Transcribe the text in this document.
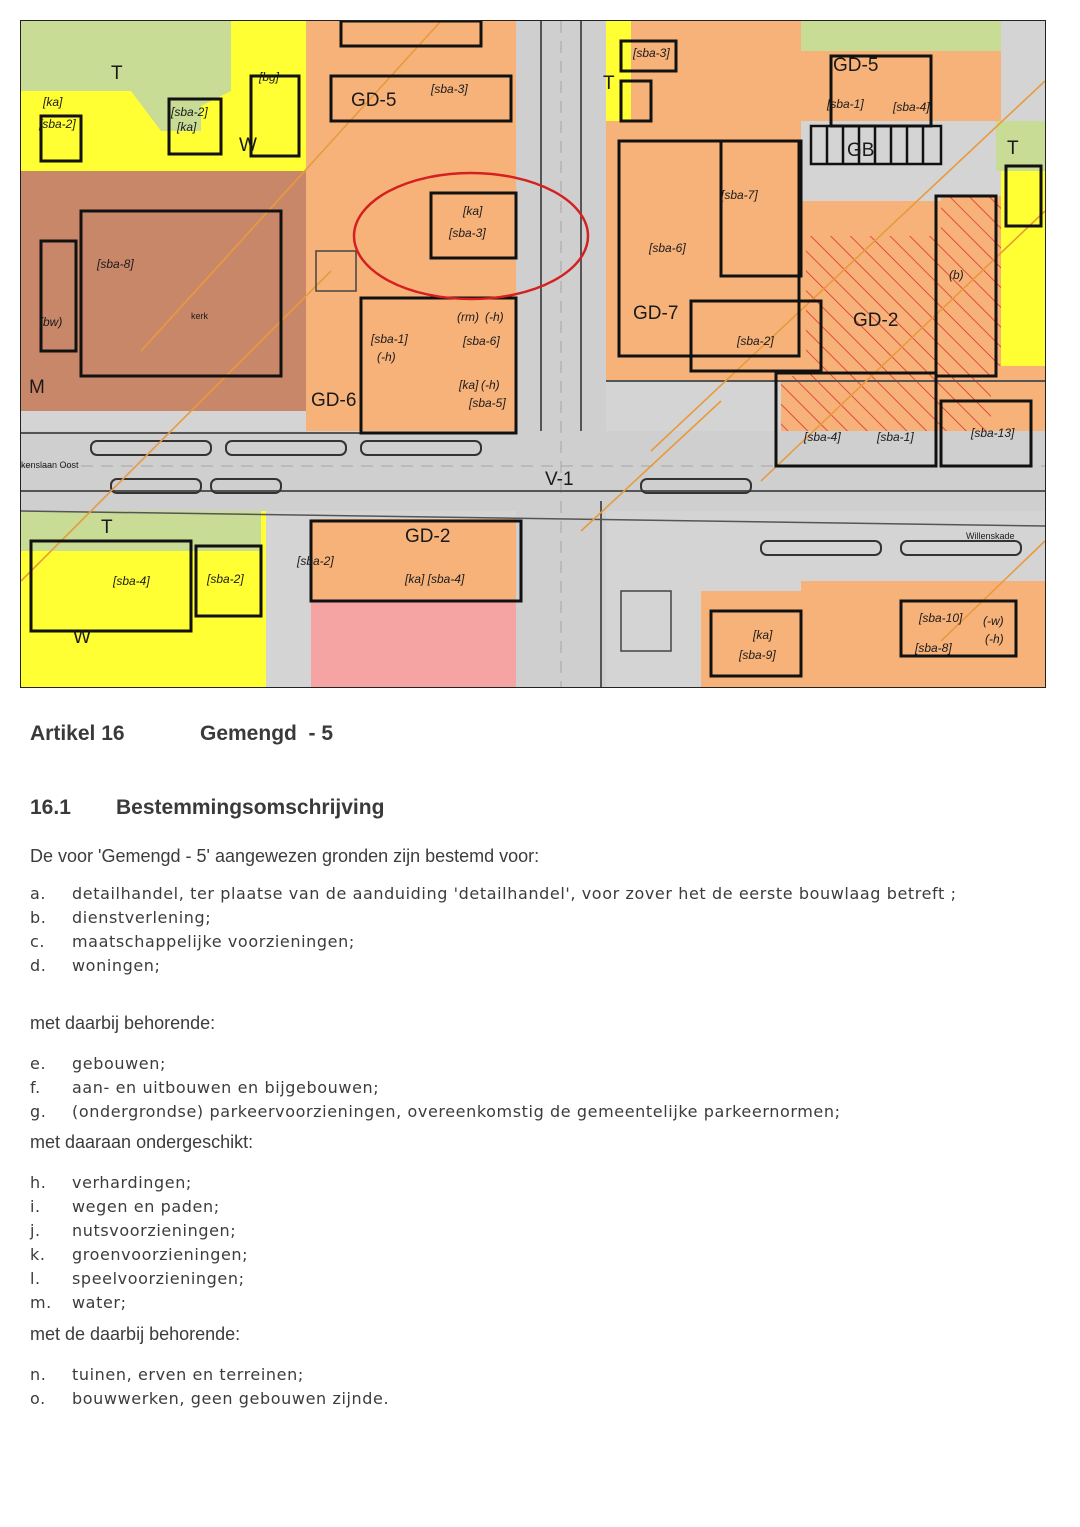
T	T
T
T
W
W
M
GD-5
GD-5
GD-6
GD-7	GD-2
GD-2
GB
V-1
[sba-3]
[sba-3]
[bg]
[ka]
[sba-2]
[sba-2]
[ka]
[sba-1] [sba-4]
[ka]
[sba-3]
[sba-8]
(bw)	kerk
[sba-1]
(-h)
(rm) (-h)
[sba-6]
[ka] (-h)
[sba-5]
[sba-6]
[sba-7]
[sba-2]
(b)
[sba-4]	[sba-1]	[sba-13]
kenslaan Oost
Willenskade
[sba-2]
[ka] [sba-4]
[sba-4]	[sba-2]
[ka]
[sba-9]
[sba-10] (-w)
(-h)
[sba-8]
Artikel 16	Gemengd  - 5
16.1 Bestemmingsomschrijving
De voor 'Gemengd - 5' aangewezen gronden zijn bestemd voor:
a. detailhandel, ter plaatse van de aanduiding 'detailhandel', voor zover het de eerste bouwlaag betreft ;
b. dienstverlening;
c. maatschappelijke voorzieningen;
d. woningen;
met daarbij behorende:
e. gebouwen;
f. aan- en uitbouwen en bijgebouwen;
g. (ondergrondse) parkeervoorzieningen, overeenkomstig de gemeentelijke parkeernormen;
met daaraan ondergeschikt:
h. verhardingen;
i. wegen en paden;
j. nutsvoorzieningen;
k. groenvoorzieningen;
l. speelvoorzieningen;
m. water;
met de daarbij behorende:
n. tuinen, erven en terreinen;
o. bouwwerken, geen gebouwen zijnde.
